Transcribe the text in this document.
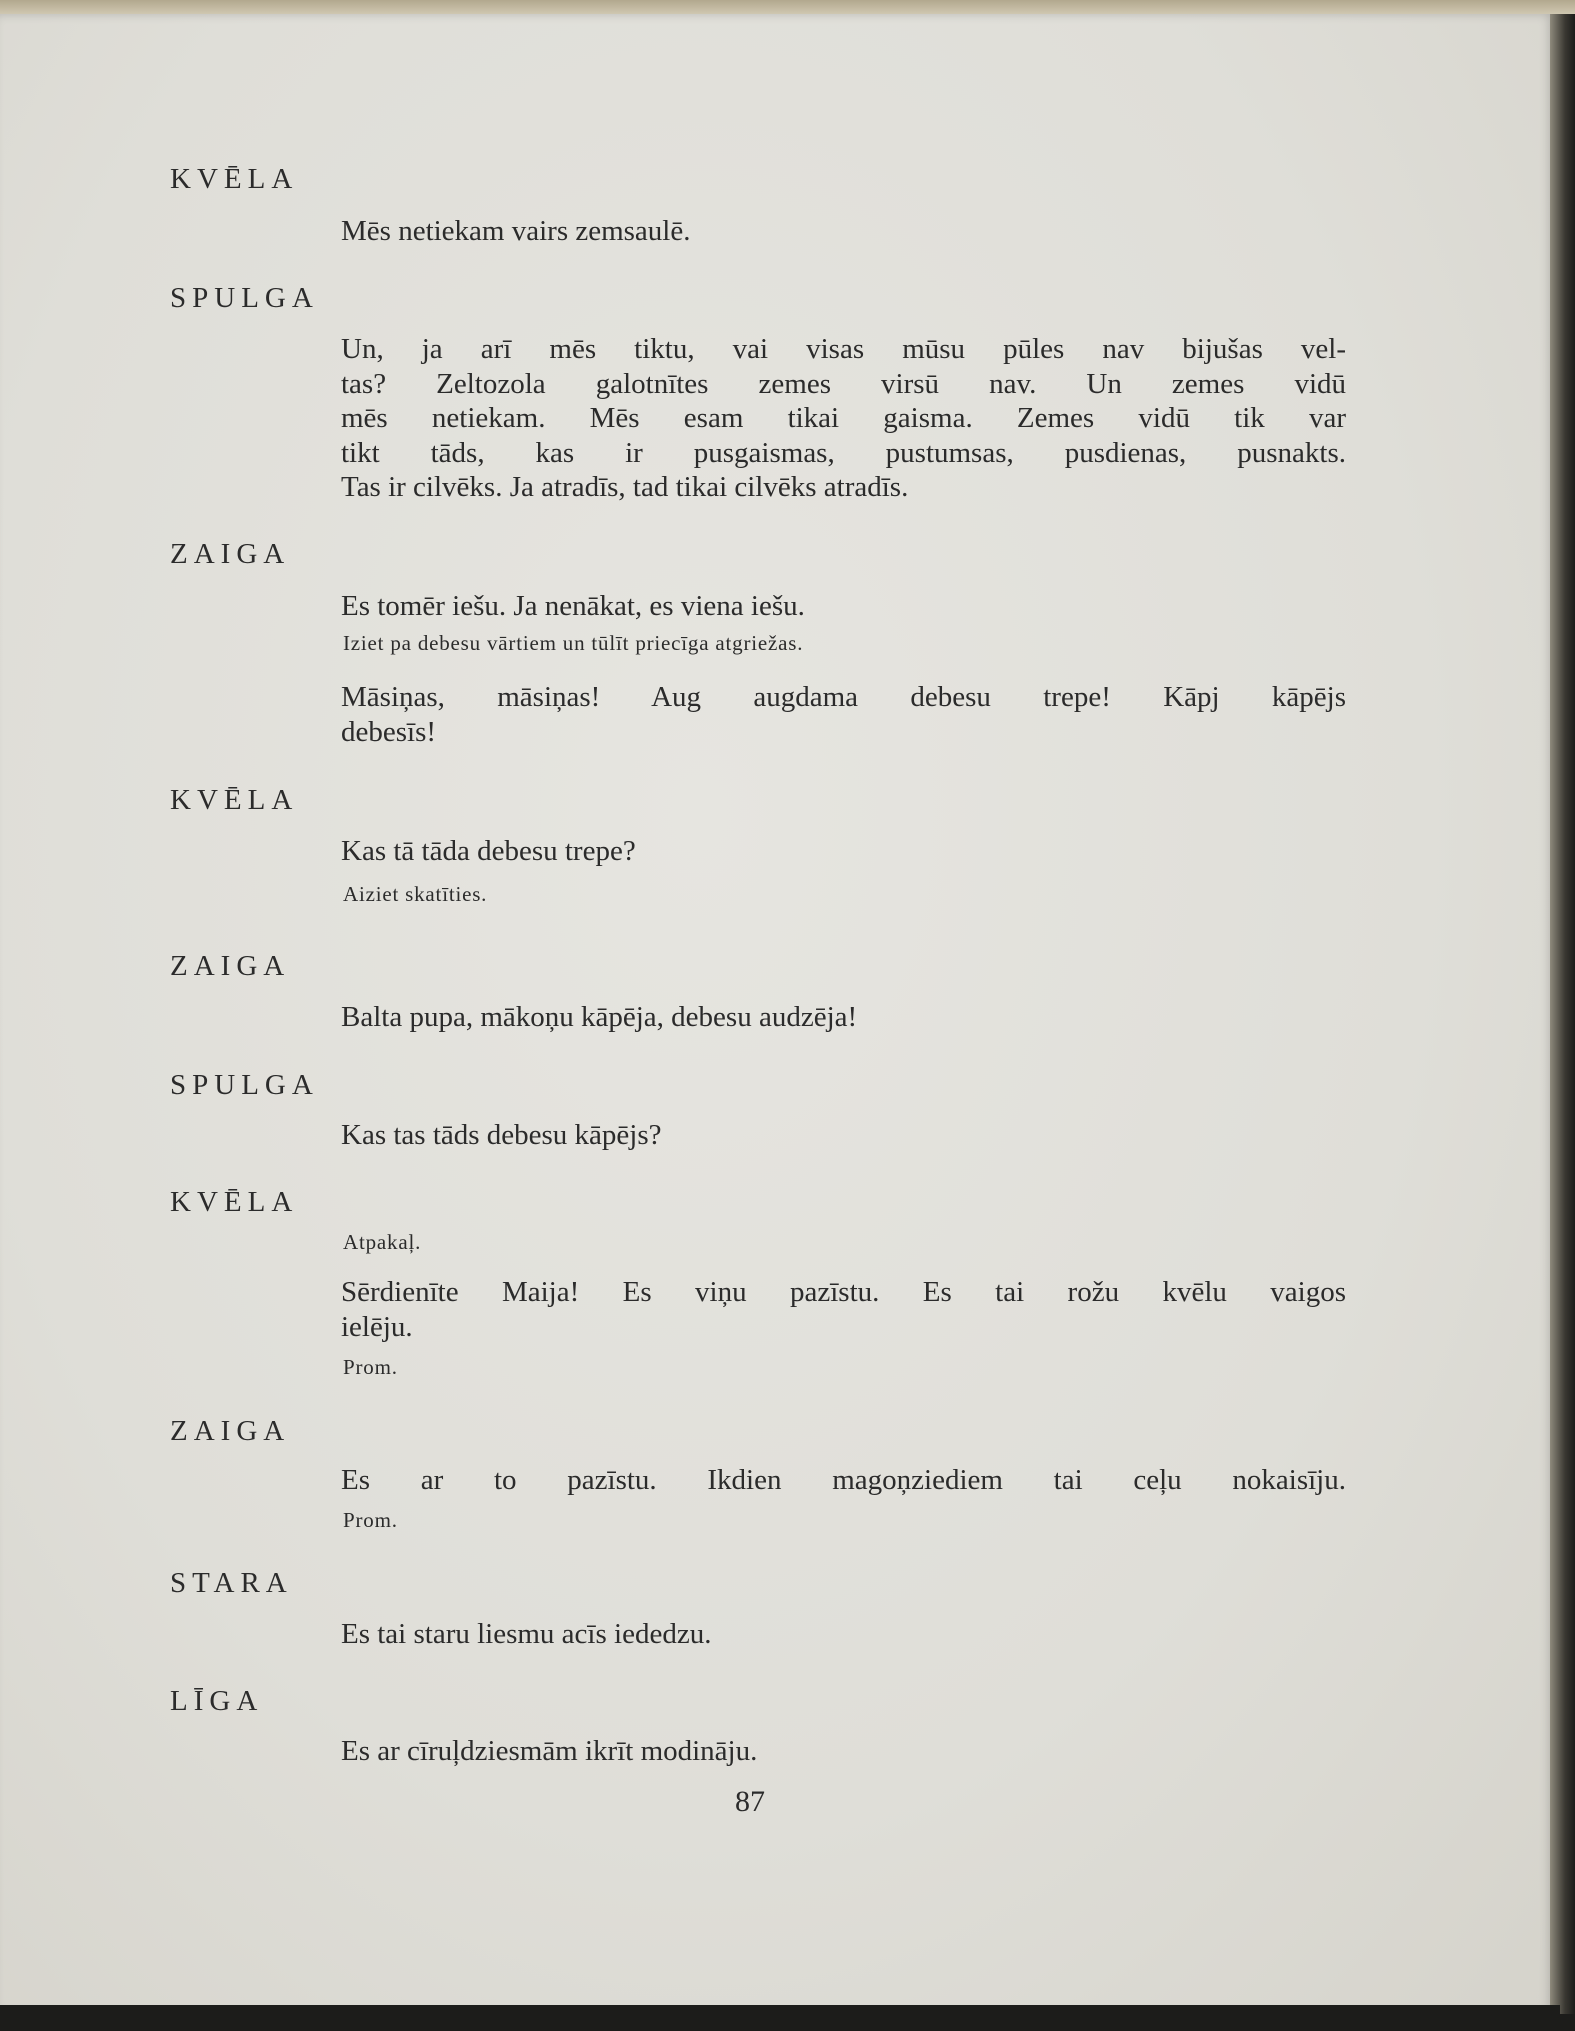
KVĒLA
Mēs netiekam vairs zemsaulē.
SPULGA
Un, ja arī mēs tiktu, vai visas mūsu pūles nav bijušas vel-
tas? Zeltozola galotnītes zemes virsū nav. Un zemes vidū
mēs netiekam. Mēs esam tikai gaisma. Zemes vidū tik var
tikt tāds, kas ir pusgaismas, pustumsas, pusdienas, pusnakts.
Tas ir cilvēks. Ja atradīs, tad tikai cilvēks atradīs.
ZAIGA
Es tomēr iešu. Ja nenākat, es viena iešu.
Iziet pa debesu vārtiem un tūlīt priecīga atgriežas.
Māsiņas, māsiņas! Aug augdama debesu trepe! Kāpj kāpējs
debesīs!
KVĒLA
Kas tā tāda debesu trepe?
Aiziet skatīties.
ZAIGA
Balta pupa, mākoņu kāpēja, debesu audzēja!
SPULGA
Kas tas tāds debesu kāpējs?
KVĒLA
Atpakaļ.
Sērdienīte Maija! Es viņu pazīstu. Es tai rožu kvēlu vaigos
ielēju.
Prom.
ZAIGA
Es ar to pazīstu. Ikdien magoņziediem tai ceļu nokaisīju.
Prom.
STARA
Es tai staru liesmu acīs iededzu.
LĪGA
Es ar cīruļdziesmām ikrīt modināju.
87
